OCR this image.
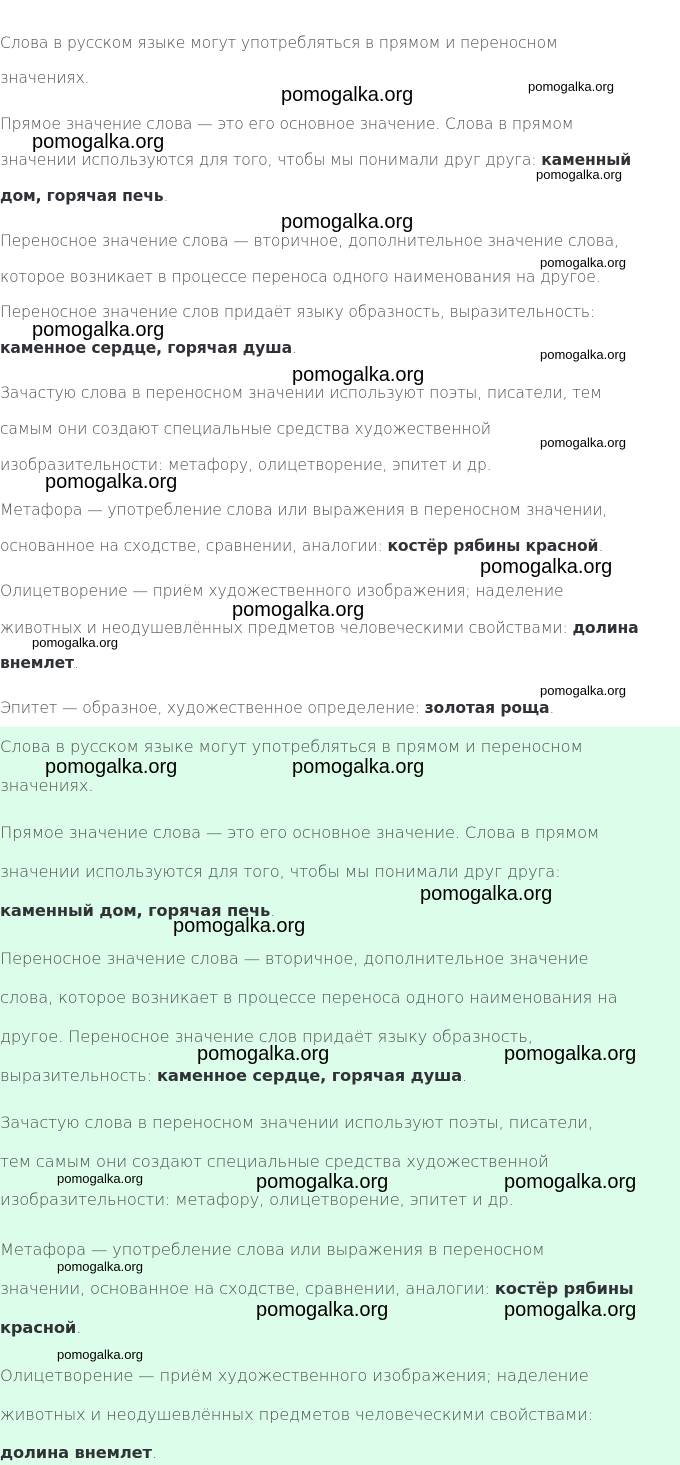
Слова в русском языке могут употребляться в прямом и переносном
значениях.
Прямое значение слова — это его основное значение. Слова в прямом
значении используются для того, чтобы мы понимали друг друга: каменный
дом, горячая печь.
Переносное значение слова — вторичное, дополнительное значение слова,
которое возникает в процессе переноса одного наименования на другое.
Переносное значение слов придаёт языку образность, выразительность:
каменное сердце, горячая душа.
Зачастую слова в переносном значении используют поэты, писатели, тем
самым они создают специальные средства художественной
изобразительности: метафору, олицетворение, эпитет и др.
Метафора — употребление слова или выражения в переносном значении,
основанное на сходстве, сравнении, аналогии: костёр рябины красной.
Олицетворение — приём художественного изображения; наделение
животных и неодушевлённых предметов человеческими свойствами: долина
внемлет.
Эпитет — образное, художественное определение: золотая роща.
Слова в русском языке могут употребляться в прямом и переносном
значениях.
Прямое значение слова — это его основное значение. Слова в прямом
значении используются для того, чтобы мы понимали друг друга:
каменный дом, горячая печь.
Переносное значение слова — вторичное, дополнительное значение
слова, которое возникает в процессе переноса одного наименования на
другое. Переносное значение слов придаёт языку образность,
выразительность: каменное сердце, горячая душа.
Зачастую слова в переносном значении используют поэты, писатели,
тем самым они создают специальные средства художественной
изобразительности: метафору, олицетворение, эпитет и др.
Метафора — употребление слова или выражения в переносном
значении, основанное на сходстве, сравнении, аналогии: костёр рябины
красной.
Олицетворение — приём художественного изображения; наделение
животных и неодушевлённых предметов человеческими свойствами:
долина внемлет.
pomogalka.org	pomogalka.org
pomogalka.org
pomogalka.org
pomogalka.org
pomogalka.org
pomogalka.org
pomogalka.org
pomogalka.org
pomogalka.org
pomogalka.org
pomogalka.org
pomogalka.org
pomogalka.org
pomogalka.org
pomogalka.org	pomogalka.org
pomogalka.org
pomogalka.org
pomogalka.org	pomogalka.org
pomogalka.org	pomogalka.org	pomogalka.org
pomogalka.org
pomogalka.org	pomogalka.org
pomogalka.org
